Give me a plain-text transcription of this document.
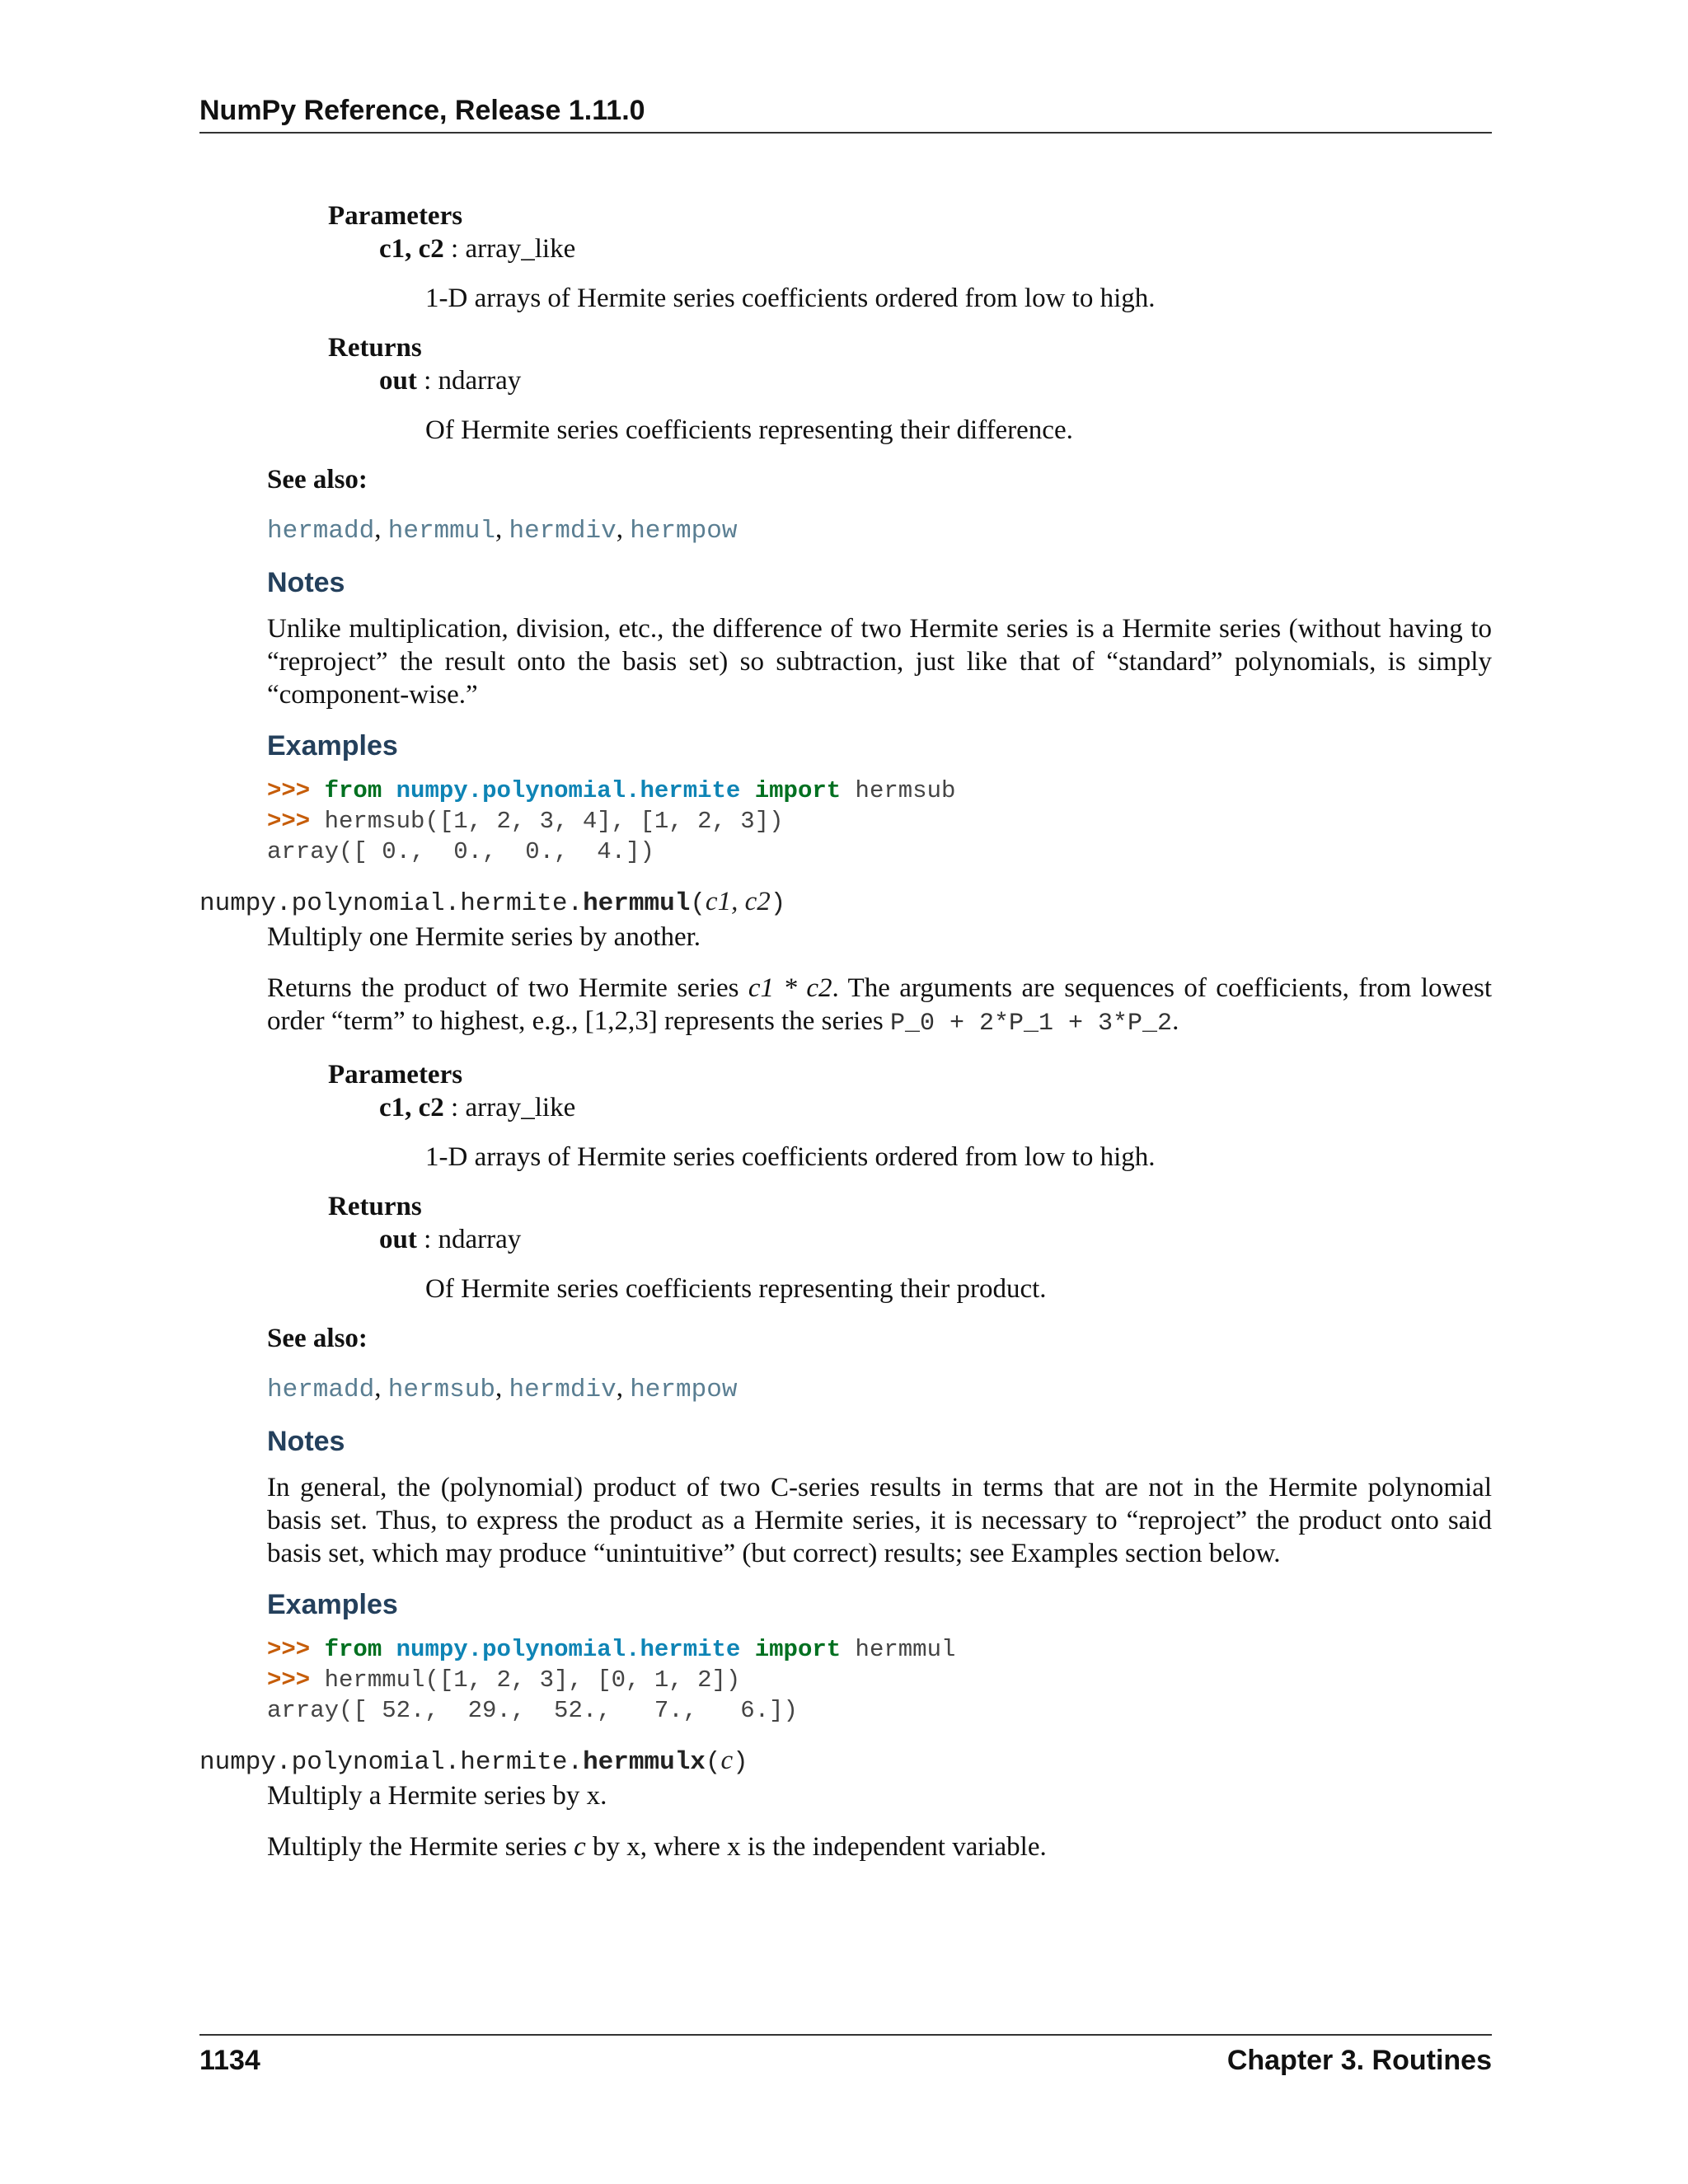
NumPy Reference, Release 1.11.0

Parameters

c1, c2 : array_like

1-D arrays of Hermite series coefficients ordered from low to high.

Returns

out : ndarray

Of Hermite series coefficients representing their difference.

See also:

hermadd, hermmul, hermdiv, hermpow

Notes

Unlike multiplication, division, etc., the difference of two Hermite series is a Hermite series (without having to “reproject” the result onto the basis set) so subtraction, just like that of “standard” polynomials, is simply “component-wise.”

Examples

>>> from numpy.polynomial.hermite import hermsub
>>> hermsub([1, 2, 3, 4], [1, 2, 3])
array([ 0.,  0.,  0.,  4.])

numpy.polynomial.hermite.hermmul(c1, c2)

Multiply one Hermite series by another.

Returns the product of two Hermite series c1 * c2. The arguments are sequences of coefficients, from lowest order “term” to highest, e.g., [1,2,3] represents the series P_0 + 2*P_1 + 3*P_2.

Parameters

c1, c2 : array_like

1-D arrays of Hermite series coefficients ordered from low to high.

Returns

out : ndarray

Of Hermite series coefficients representing their product.

See also:

hermadd, hermsub, hermdiv, hermpow

Notes

In general, the (polynomial) product of two C-series results in terms that are not in the Hermite polynomial basis set. Thus, to express the product as a Hermite series, it is necessary to “reproject” the product onto said basis set, which may produce “unintuitive” (but correct) results; see Examples section below.

Examples

>>> from numpy.polynomial.hermite import hermmul
>>> hermmul([1, 2, 3], [0, 1, 2])
array([ 52.,  29.,  52.,   7.,   6.])

numpy.polynomial.hermite.hermmulx(c)

Multiply a Hermite series by x.

Multiply the Hermite series c by x, where x is the independent variable.

1134	Chapter 3. Routines
